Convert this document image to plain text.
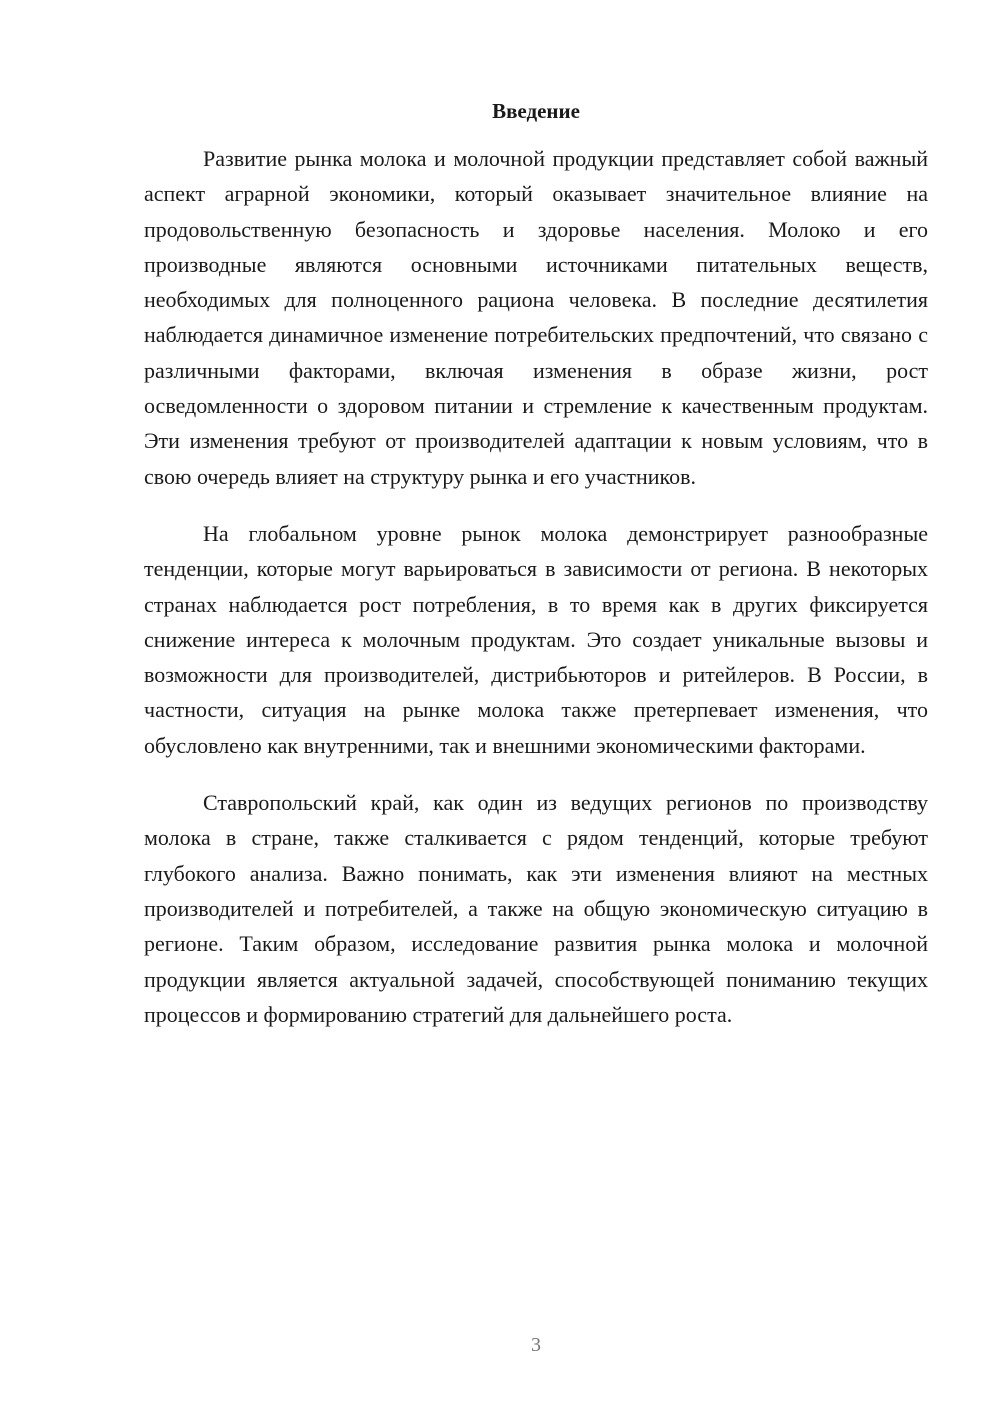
Введение

Развитие рынка молока и молочной продукции представляет собой важный аспект аграрной экономики, который оказывает значительное влияние на продовольственную безопасность и здоровье населения. Молоко и его производные являются основными источниками питательных веществ, необходимых для полноценного рациона человека. В последние десятилетия наблюдается динамичное изменение потребительских предпочтений, что связано с различными факторами, включая изменения в образе жизни, рост осведомленности о здоровом питании и стремление к качественным продуктам. Эти изменения требуют от производителей адаптации к новым условиям, что в свою очередь влияет на структуру рынка и его участников.

На глобальном уровне рынок молока демонстрирует разнообразные тенденции, которые могут варьироваться в зависимости от региона. В некоторых странах наблюдается рост потребления, в то время как в других фиксируется снижение интереса к молочным продуктам. Это создает уникальные вызовы и возможности для производителей, дистрибьюторов и ритейлеров. В России, в частности, ситуация на рынке молока также претерпевает изменения, что обусловлено как внутренними, так и внешними экономическими факторами.

Ставропольский край, как один из ведущих регионов по производству молока в стране, также сталкивается с рядом тенденций, которые требуют глубокого анализа. Важно понимать, как эти изменения влияют на местных производителей и потребителей, а также на общую экономическую ситуацию в регионе. Таким образом, исследование развития рынка молока и молочной продукции является актуальной задачей, способствующей пониманию текущих процессов и формированию стратегий для дальнейшего роста.

3
